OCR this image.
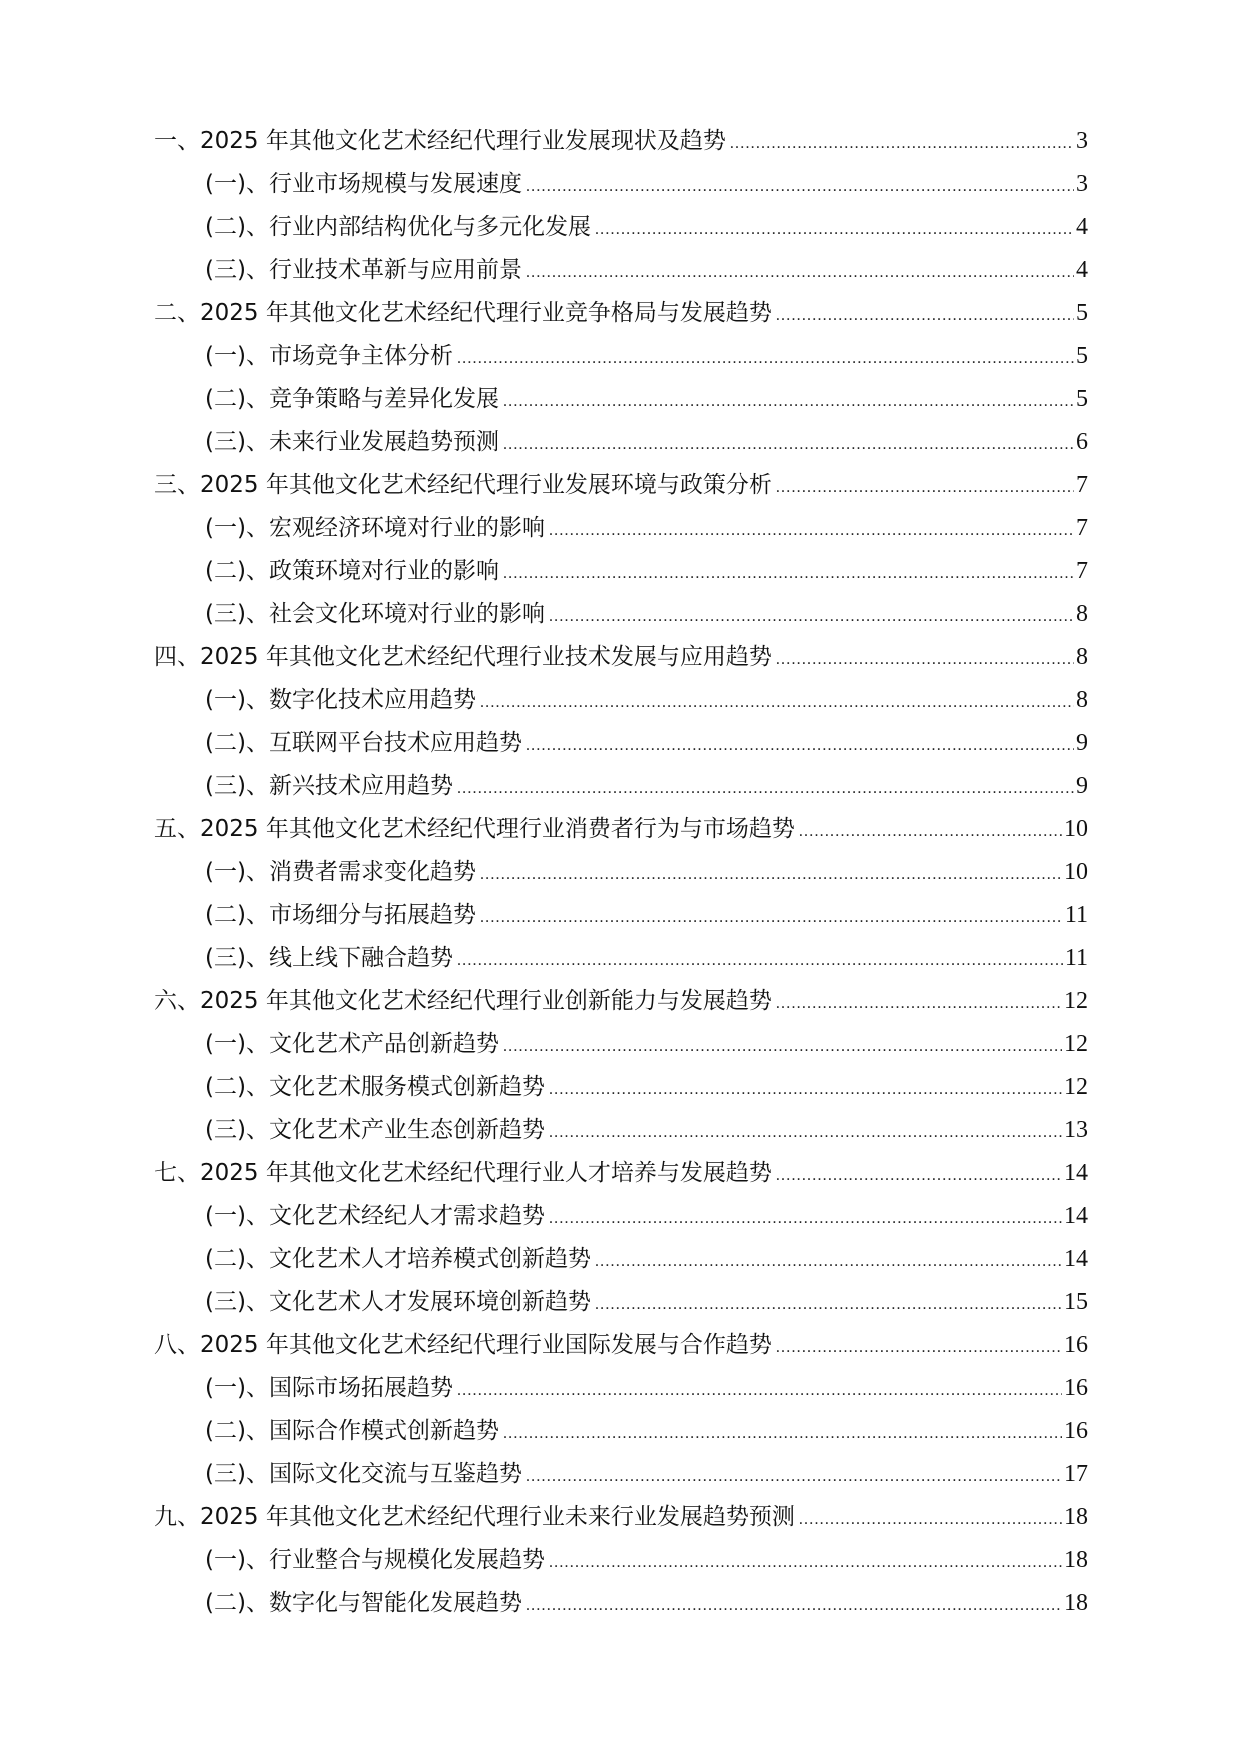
一、2025 年其他文化艺术经纪代理行业发展现状及趋势 .....	3
(一)、行业市场规模与发展速度 .....	3
(二)、行业内部结构优化与多元化发展 .....	4
(三)、行业技术革新与应用前景 .....	4
二、2025 年其他文化艺术经纪代理行业竞争格局与发展趋势 .....	5
(一)、市场竞争主体分析 .....	5
(二)、竞争策略与差异化发展 .....	5
(三)、未来行业发展趋势预测 .....	6
三、2025 年其他文化艺术经纪代理行业发展环境与政策分析 .....	7
(一)、宏观经济环境对行业的影响 .....	7
(二)、政策环境对行业的影响 .....	7
(三)、社会文化环境对行业的影响 .....	8
四、2025 年其他文化艺术经纪代理行业技术发展与应用趋势 .....	8
(一)、数字化技术应用趋势 .....	8
(二)、互联网平台技术应用趋势 .....	9
(三)、新兴技术应用趋势 .....	9
五、2025 年其他文化艺术经纪代理行业消费者行为与市场趋势 .....	10
(一)、消费者需求变化趋势 .....	10
(二)、市场细分与拓展趋势 .....	11
(三)、线上线下融合趋势 .....	11
六、2025 年其他文化艺术经纪代理行业创新能力与发展趋势 .....	12
(一)、文化艺术产品创新趋势 .....	12
(二)、文化艺术服务模式创新趋势 .....	12
(三)、文化艺术产业生态创新趋势 .....	13
七、2025 年其他文化艺术经纪代理行业人才培养与发展趋势 .....	14
(一)、文化艺术经纪人才需求趋势 .....	14
(二)、文化艺术人才培养模式创新趋势 .....	14
(三)、文化艺术人才发展环境创新趋势 .....	15
八、2025 年其他文化艺术经纪代理行业国际发展与合作趋势 .....	16
(一)、国际市场拓展趋势 .....	16
(二)、国际合作模式创新趋势 .....	16
(三)、国际文化交流与互鉴趋势 .....	17
九、2025 年其他文化艺术经纪代理行业未来行业发展趋势预测 .....	18
(一)、行业整合与规模化发展趋势 .....	18
(二)、数字化与智能化发展趋势 .....	18
